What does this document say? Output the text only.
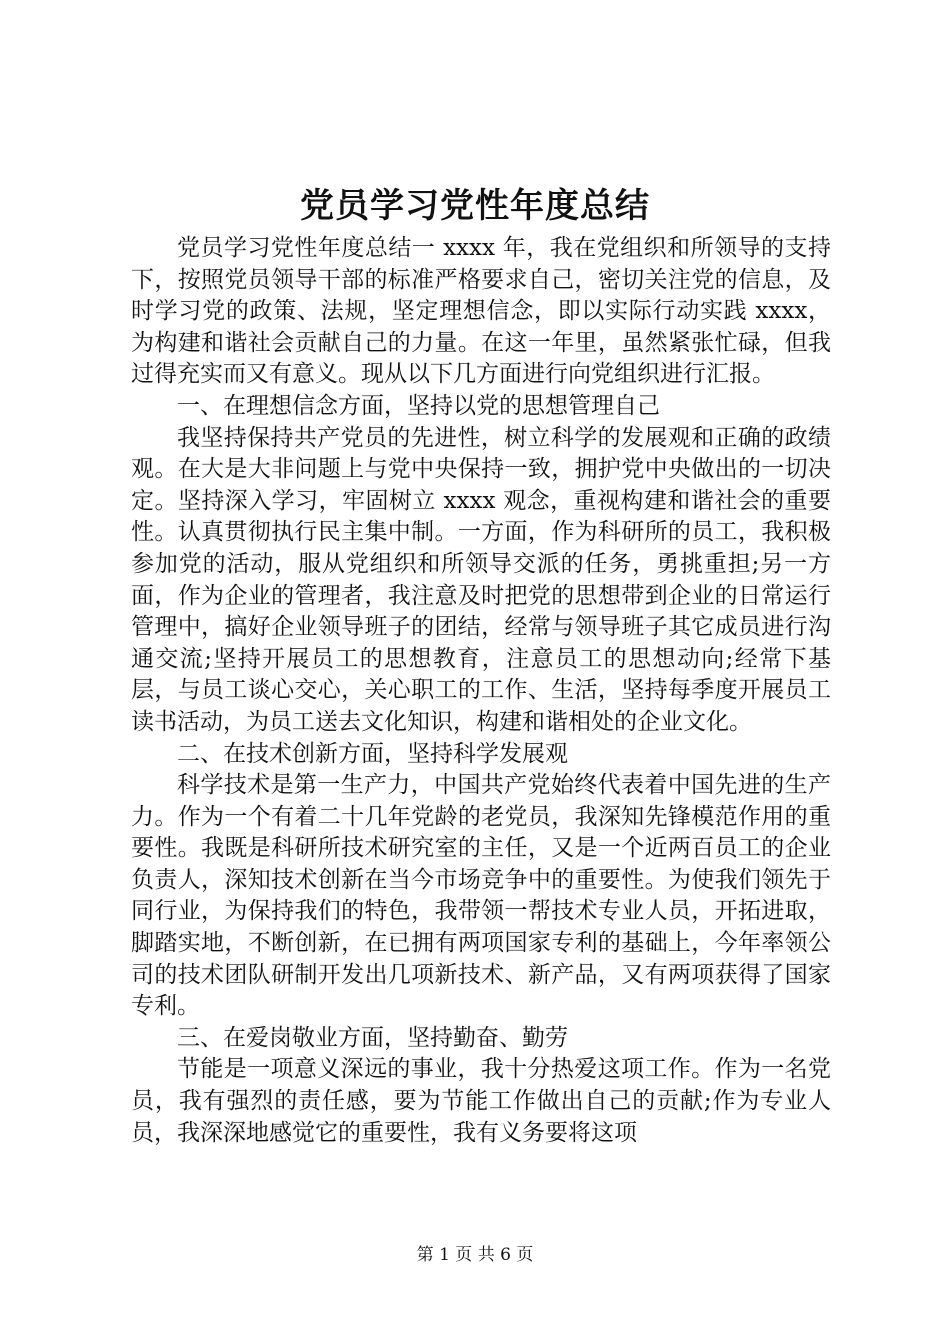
党员学习党性年度总结

党员学习党性年度总结一 xxxx 年，我在党组织和所领导的支持下，按照党员领导干部的标准严格要求自己，密切关注党的信息，及时学习党的政策、法规，坚定理想信念，即以实际行动实践 xxxx，为构建和谐社会贡献自己的力量。在这一年里，虽然紧张忙碌，但我过得充实而又有意义。现从以下几方面进行向党组织进行汇报。

一、在理想信念方面，坚持以党的思想管理自己

我坚持保持共产党员的先进性，树立科学的发展观和正确的政绩观。在大是大非问题上与党中央保持一致，拥护党中央做出的一切决定。坚持深入学习，牢固树立 xxxx 观念，重视构建和谐社会的重要性。认真贯彻执行民主集中制。一方面，作为科研所的员工，我积极参加党的活动，服从党组织和所领导交派的任务，勇挑重担;另一方面，作为企业的管理者，我注意及时把党的思想带到企业的日常运行管理中，搞好企业领导班子的团结，经常与领导班子其它成员进行沟通交流;坚持开展员工的思想教育，注意员工的思想动向;经常下基层，与员工谈心交心，关心职工的工作、生活，坚持每季度开展员工读书活动，为员工送去文化知识，构建和谐相处的企业文化。

二、在技术创新方面，坚持科学发展观

科学技术是第一生产力，中国共产党始终代表着中国先进的生产力。作为一个有着二十几年党龄的老党员，我深知先锋模范作用的重要性。我既是科研所技术研究室的主任，又是一个近两百员工的企业负责人，深知技术创新在当今市场竞争中的重要性。为使我们领先于同行业，为保持我们的特色，我带领一帮技术专业人员，开拓进取，脚踏实地，不断创新，在已拥有两项国家专利的基础上，今年率领公司的技术团队研制开发出几项新技术、新产品，又有两项获得了国家专利。

三、在爱岗敬业方面，坚持勤奋、勤劳

节能是一项意义深远的事业，我十分热爱这项工作。作为一名党员，我有强烈的责任感，要为节能工作做出自己的贡献;作为专业人员，我深深地感觉它的重要性，我有义务要将这项

第 1 页 共 6 页
